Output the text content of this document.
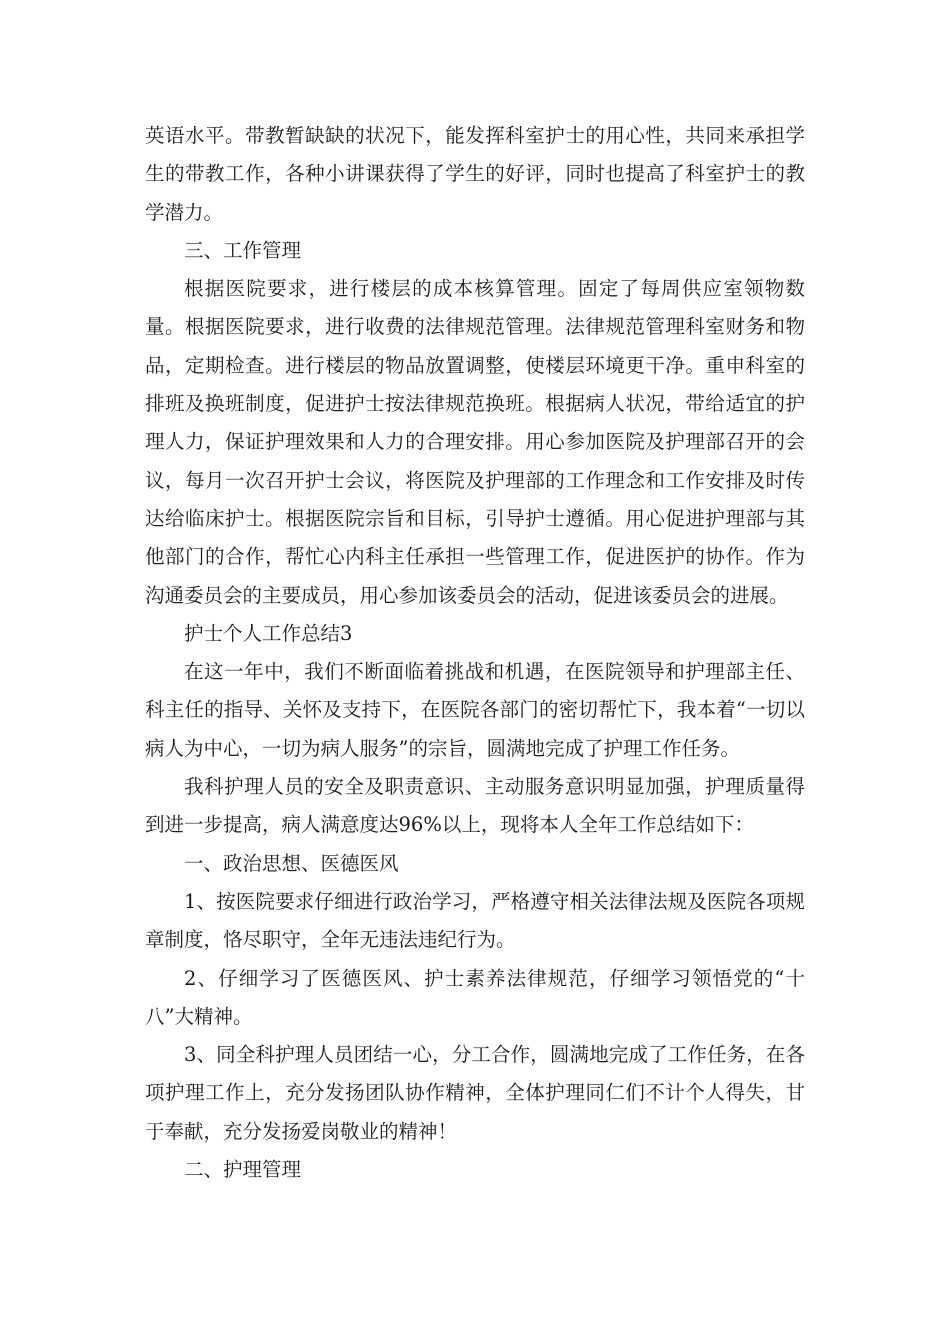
英语水平。带教暂缺缺的状况下，能发挥科室护士的用心性，共同来承担学生的带教工作，各种小讲课获得了学生的好评，同时也提高了科室护士的教学潜力。

三、工作管理

根据医院要求，进行楼层的成本核算管理。固定了每周供应室领物数量。根据医院要求，进行收费的法律规范管理。法律规范管理科室财务和物品，定期检查。进行楼层的物品放置调整，使楼层环境更干净。重申科室的排班及换班制度，促进护士按法律规范换班。根据病人状况，带给适宜的护理人力，保证护理效果和人力的合理安排。用心参加医院及护理部召开的会议，每月一次召开护士会议，将医院及护理部的工作理念和工作安排及时传达给临床护士。根据医院宗旨和目标，引导护士遵循。用心促进护理部与其他部门的合作，帮忙心内科主任承担一些管理工作，促进医护的协作。作为沟通委员会的主要成员，用心参加该委员会的活动，促进该委员会的进展。

护士个人工作总结3

在这一年中，我们不断面临着挑战和机遇，在医院领导和护理部主任、科主任的指导、关怀及支持下，在医院各部门的密切帮忙下，我本着“一切以病人为中心，一切为病人服务”的宗旨，圆满地完成了护理工作任务。

我科护理人员的安全及职责意识、主动服务意识明显加强，护理质量得到进一步提高，病人满意度达96%以上，现将本人全年工作总结如下：

一、政治思想、医德医风

1、按医院要求仔细进行政治学习，严格遵守相关法律法规及医院各项规章制度，恪尽职守，全年无违法违纪行为。

2、仔细学习了医德医风、护士素养法律规范，仔细学习领悟党的“十八”大精神。

3、同全科护理人员团结一心，分工合作，圆满地完成了工作任务，在各项护理工作上，充分发扬团队协作精神，全体护理同仁们不计个人得失，甘于奉献，充分发扬爱岗敬业的精神！

二、护理管理
